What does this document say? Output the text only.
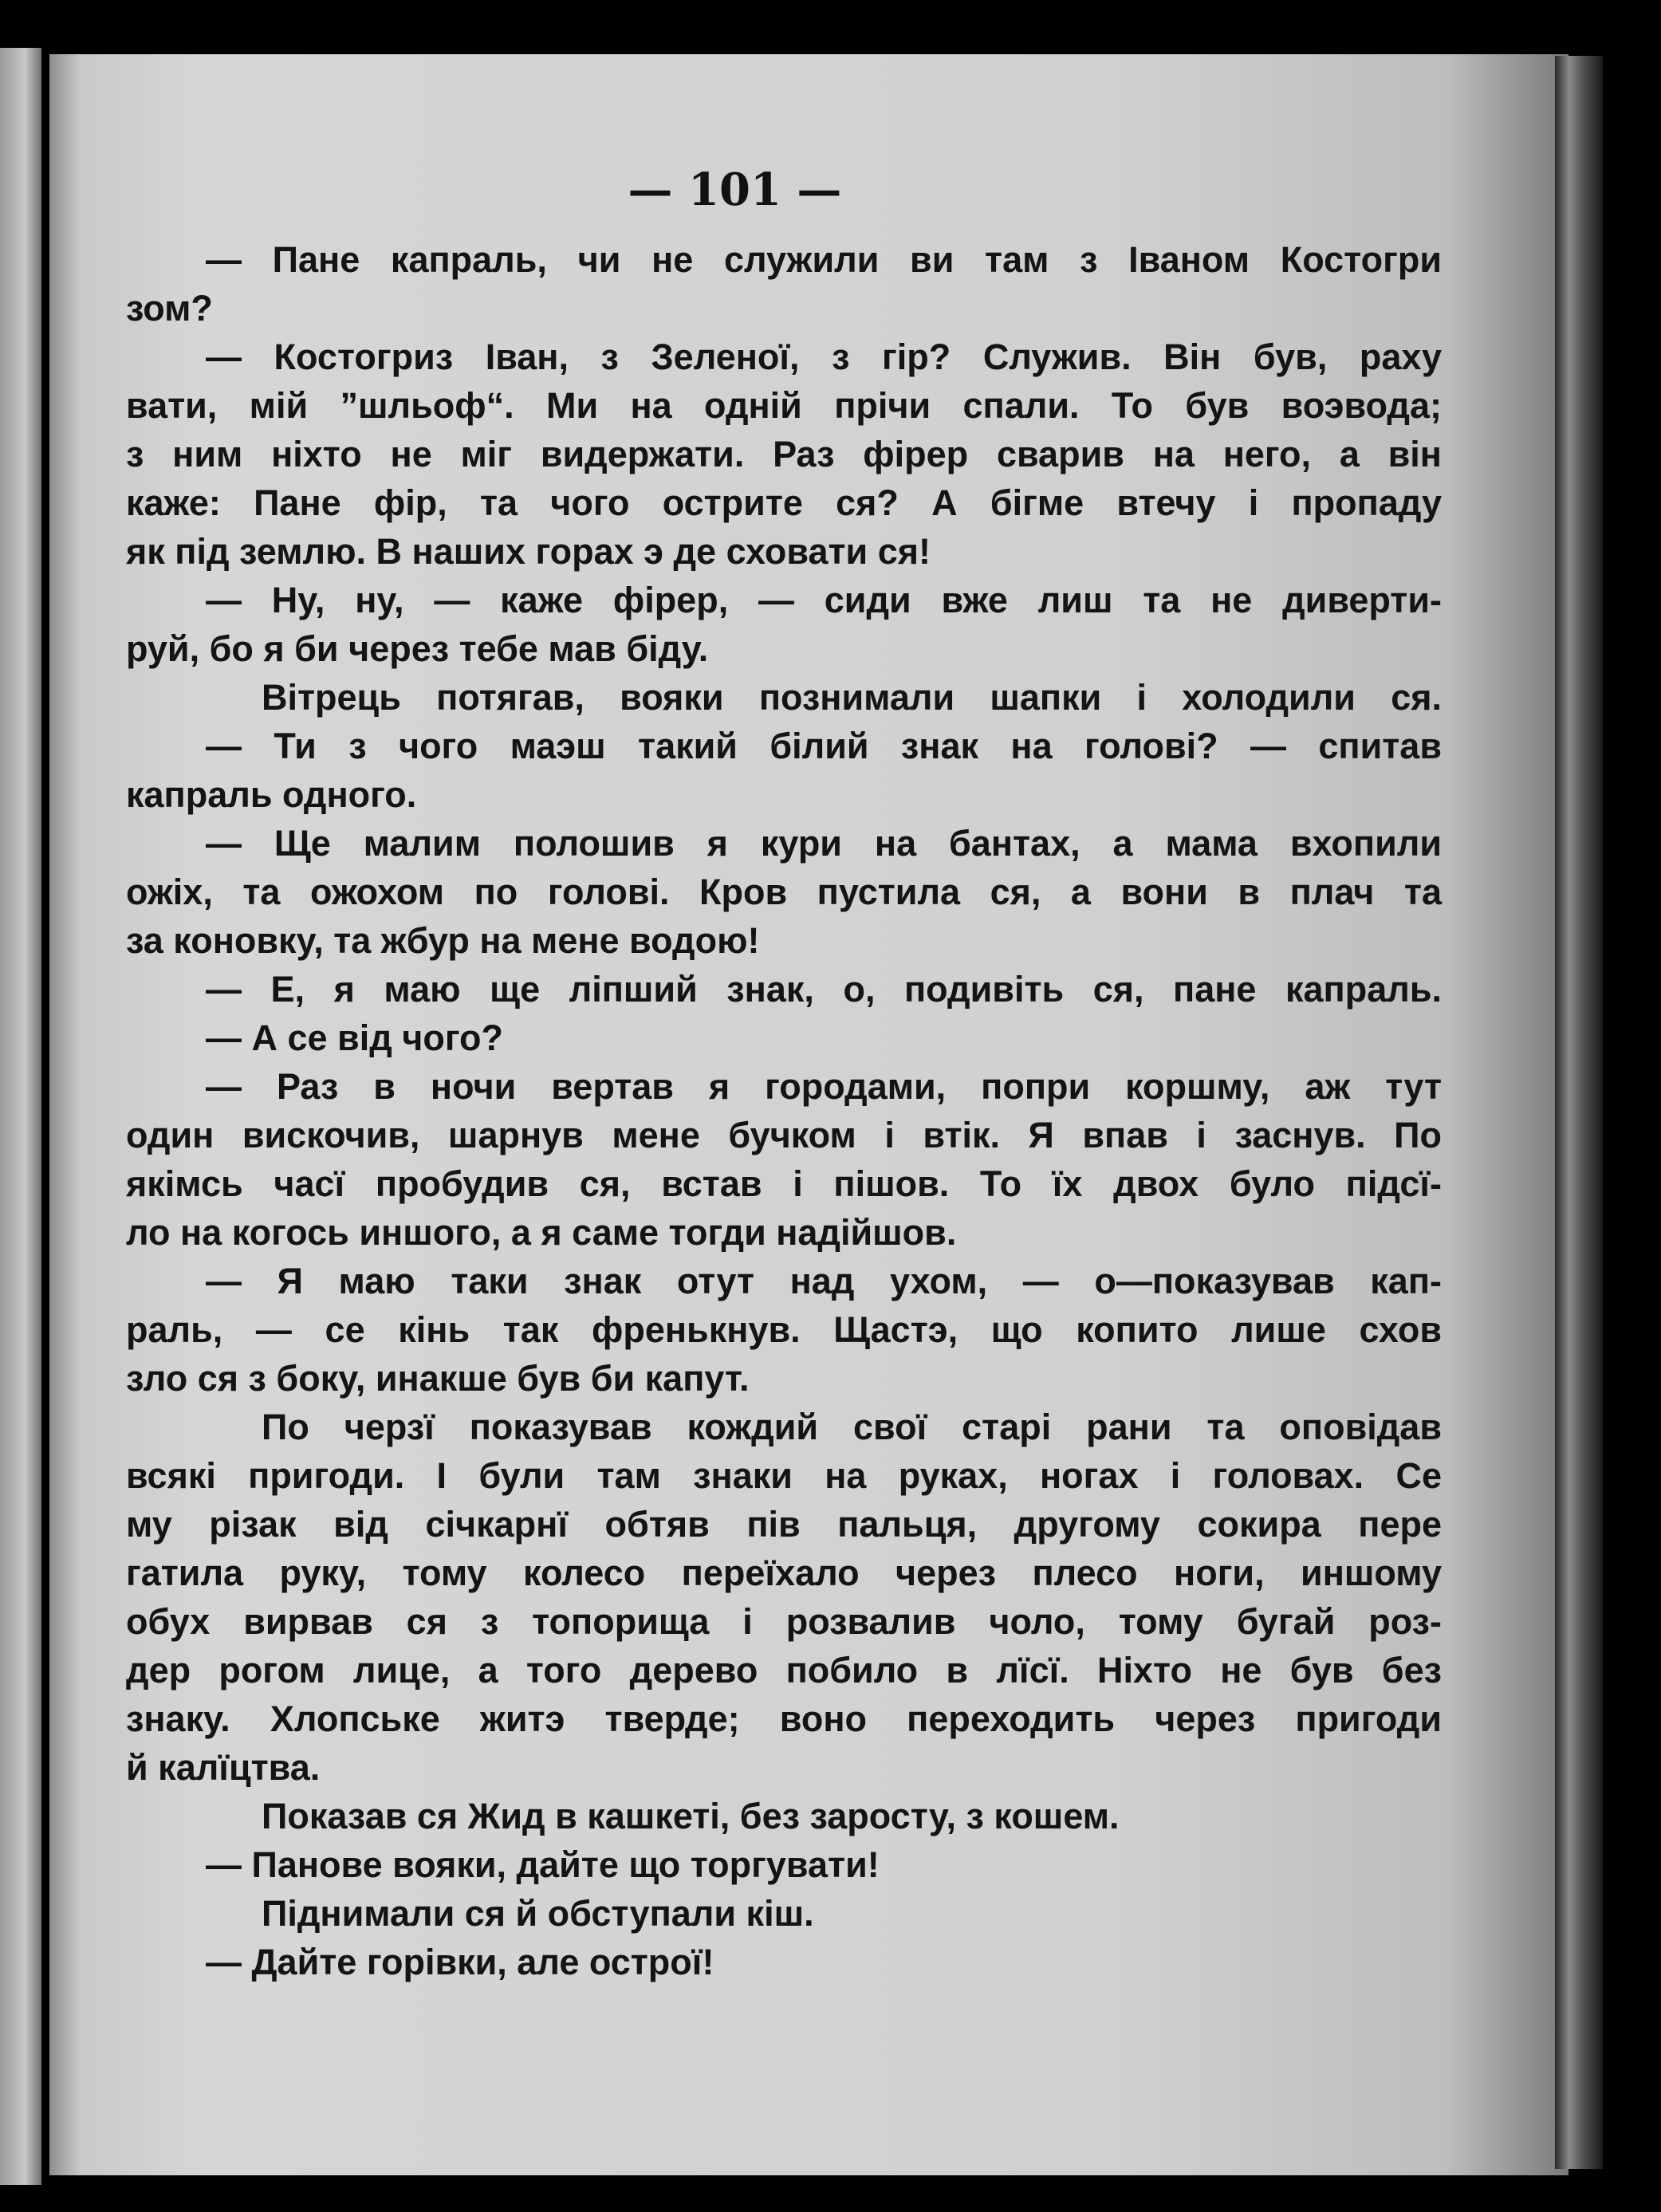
— 101 —
— Пане капраль, чи не служили ви там з Іваном Костогри
зом?
— Костогриз Іван, з Зеленої, з гір? Служив. Він був, раху
вати, мій ”шльоф“. Ми на одній прічи спали. То був воэвода;
з ним ніхто не міг видержати. Раз фірер сварив на него, а він
каже: Пане фір, та чого острите ся? А бігме втечу і пропаду
як під землю. В наших горах э де сховати ся!
— Ну, ну, — каже фірер, — сиди вже лиш та не диверти-
руй, бо я би через тебе мав біду.
Вітрець потягав, вояки познимали шапки і холодили ся.
— Ти з чого маэш такий білий знак на голові? — спитав
капраль одного.
— Ще малим полошив я кури на бантах, а мама вхопили
ожіх, та ожохом по голові. Кров пустила ся, а вони в плач та
за коновку, та жбур на мене водою!
— Е, я маю ще ліпший знак, о, подивіть ся, пане капраль.
— А се від чого?
— Раз в ночи вертав я городами, попри коршму, аж тут
один вискочив, шарнув мене бучком і втік. Я впав і заснув. По
якімсь часї пробудив ся, встав і пішов. То їх двох було підсї-
ло на когось иншого, а я саме тогди надійшов.
— Я маю таки знак отут над ухом, — о—показував кап-
раль, — се кінь так френькнув. Щастэ, що копито лише схов
зло ся з боку, инакше був би капут.
По черзї показував кождий свої старі рани та оповідав
всякі пригоди. І були там знаки на руках, ногах і головах. Се
му різак від січкарнї обтяв пів пальця, другому сокира пере
гатила руку, тому колесо переїхало через плесо ноги, иншому
обух вирвав ся з топорища і розвалив чоло, тому бугай роз-
дер рогом лице, а того дерево побило в лїсї. Ніхто не був без
знаку. Хлопське житэ тверде; воно переходить через пригоди
й калїцтва.
Показав ся Жид в кашкеті, без заросту, з кошем.
— Панове вояки, дайте що торгувати!
Піднимали ся й обступали кіш.
— Дайте горівки, але острої!
